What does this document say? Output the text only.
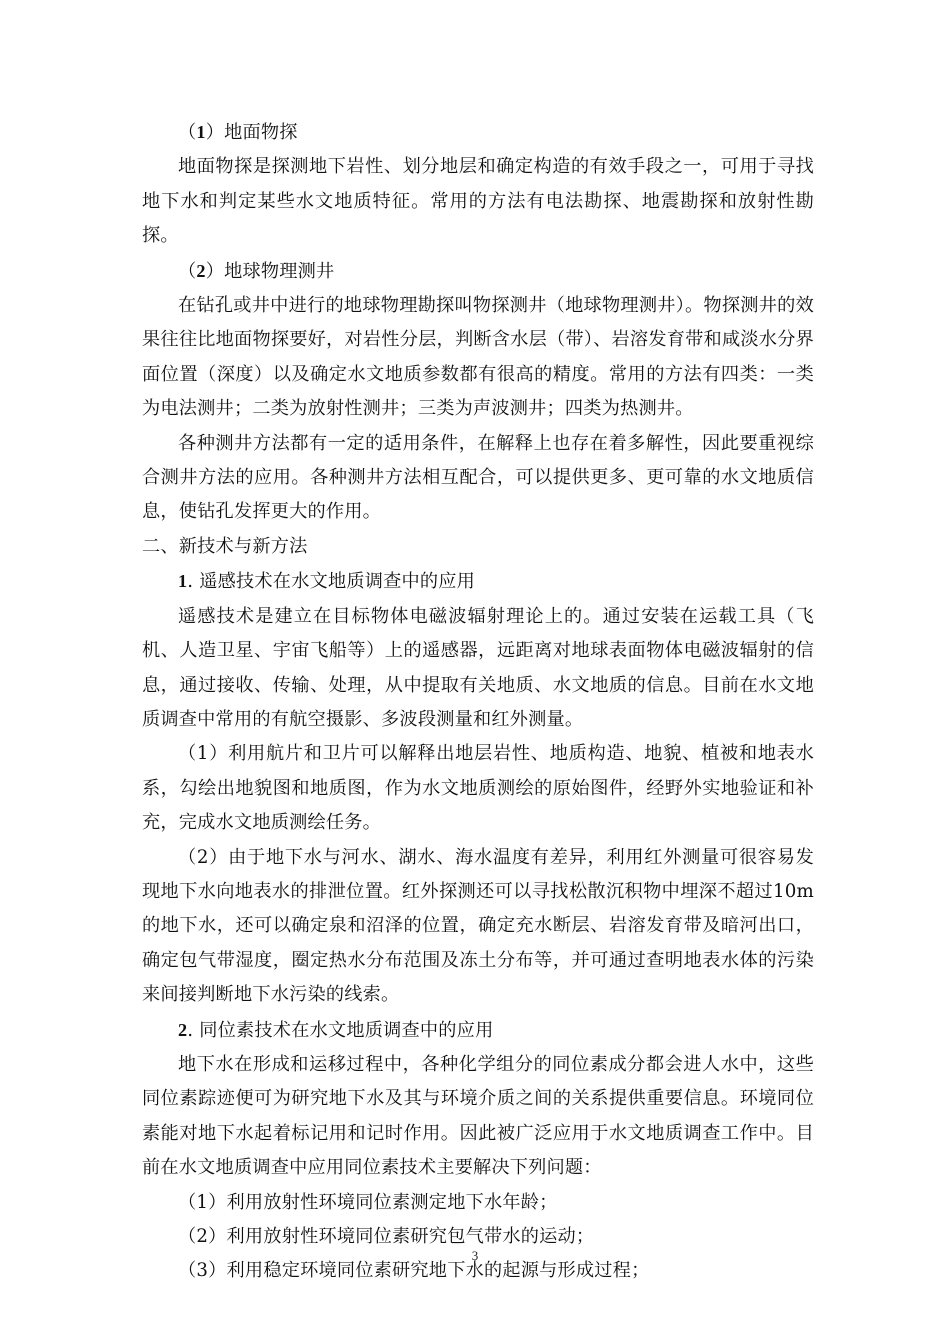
（1）地面物探

地面物探是探测地下岩性、划分地层和确定构造的有效手段之一，可用于寻找地下水和判定某些水文地质特征。常用的方法有电法勘探、地震勘探和放射性勘探。

（2）地球物理测井

在钻孔或井中进行的地球物理勘探叫物探测井（地球物理测井）。物探测井的效果往往比地面物探要好，对岩性分层，判断含水层（带）、岩溶发育带和咸淡水分界面位置（深度）以及确定水文地质参数都有很高的精度。常用的方法有四类：一类为电法测井；二类为放射性测井；三类为声波测井；四类为热测井。

各种测井方法都有一定的适用条件，在解释上也存在着多解性，因此要重视综合测井方法的应用。各种测井方法相互配合，可以提供更多、更可靠的水文地质信息，使钻孔发挥更大的作用。

二、新技术与新方法

1. 遥感技术在水文地质调查中的应用

遥感技术是建立在目标物体电磁波辐射理论上的。通过安装在运载工具（飞机、人造卫星、宇宙飞船等）上的遥感器，远距离对地球表面物体电磁波辐射的信息，通过接收、传输、处理，从中提取有关地质、水文地质的信息。目前在水文地质调查中常用的有航空摄影、多波段测量和红外测量。

（1）利用航片和卫片可以解释出地层岩性、地质构造、地貌、植被和地表水系，勾绘出地貌图和地质图，作为水文地质测绘的原始图件，经野外实地验证和补充，完成水文地质测绘任务。

（2）由于地下水与河水、湖水、海水温度有差异，利用红外测量可很容易发现地下水向地表水的排泄位置。红外探测还可以寻找松散沉积物中埋深不超过10m的地下水，还可以确定泉和沼泽的位置，确定充水断层、岩溶发育带及暗河出口，确定包气带湿度，圈定热水分布范围及冻土分布等，并可通过查明地表水体的污染来间接判断地下水污染的线索。

2. 同位素技术在水文地质调查中的应用

地下水在形成和运移过程中，各种化学组分的同位素成分都会进人水中，这些同位素踪迹便可为研究地下水及其与环境介质之间的关系提供重要信息。环境同位素能对地下水起着标记用和记时作用。因此被广泛应用于水文地质调查工作中。目前在水文地质调查中应用同位素技术主要解决下列问题：

（1）利用放射性环境同位素测定地下水年龄；

（2）利用放射性环境同位素研究包气带水的运动；

（3）利用稳定环境同位素研究地下水的起源与形成过程；

3
